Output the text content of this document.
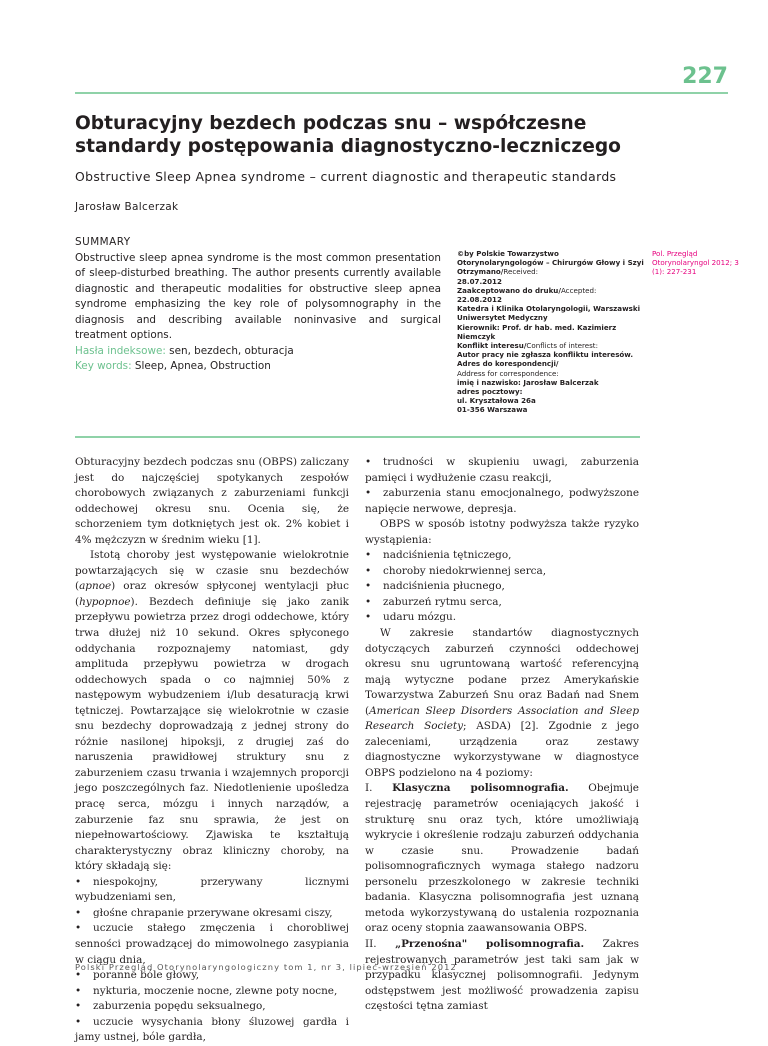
227
Obturacyjny bezdech podczas snu – współczesne standardy postępowania diagnostyczno-leczniczego
Obstructive Sleep Apnea syndrome – current diagnostic and therapeutic standards
Jarosław Balcerzak
SUMMARY
Obstructive sleep apnea syndrome is the most common presentation of sleep-disturbed breathing. The author presents currently available diagnostic and therapeutic modalities for obstructive sleep apnea syndrome emphasizing the key role of polysomnography in the diagnosis and describing available noninvasive and surgical treatment options.
Hasła indeksowe: sen, bezdech, obturacja
Key words: Sleep, Apnea, Obstruction
©by Polskie Towarzystwo Otorynolaryngologów – Chirurgów Głowy i Szyi
Otrzymano/Received:
28.07.2012
Zaakceptowano do druku/Accepted:
22.08.2012
Katedra i Klinika Otolaryngologii, Warszawski Uniwersytet Medyczny
Kierownik: Prof. dr hab. med. Kazimierz Niemczyk
Konflikt interesu/Conflicts of interest:
Autor pracy nie zgłasza konfliktu interesów.
Adres do korespondencji/
Address for correspondence:
imię i nazwisko: Jarosław Balcerzak
adres pocztowy:
ul. Kryształowa 26a
01-356 Warszawa
Pol. Przegląd Otorynolaryngol 2012; 3 (1): 227-231

Obturacyjny bezdech podczas snu (OBPS) zaliczany jest do najczęściej spotykanych zespołów chorobowych związanych z zaburzeniami funkcji oddechowej okresu snu. Ocenia się, że schorzeniem tym dotkniętych jest ok. 2% kobiet i 4% mężczyzn w średnim wieku [1].

Istotą choroby jest występowanie wielokrotnie powtarzających się w czasie snu bezdechów (apnoe) oraz okresów spłyconej wentylacji płuc (hypopnoe). Bezdech definiuje się jako zanik przepływu powietrza przez drogi oddechowe, który trwa dłużej niż 10 sekund. Okres spłyconego oddychania rozpoznajemy natomiast, gdy amplituda przepływu powietrza w drogach oddechowych spada o co najmniej 50% z następowym wybudzeniem i/lub desaturacją krwi tętniczej. Powtarzające się wielokrotnie w czasie snu bezdechy doprowadzają z jednej strony do różnie nasilonej hipoksji, z drugiej zaś do naruszenia prawidłowej struktury snu z zaburzeniem czasu trwania i wzajemnych proporcji jego poszczególnych faz. Niedotlenienie upośledza pracę serca, mózgu i innych narządów, a zaburzenie faz snu sprawia, że jest on niepełnowartościowy. Zjawiska te kształtują charakterystyczny obraz kliniczny choroby, na który składają się:

• niespokojny, przerywany licznymi wybudzeniami sen,

• głośne chrapanie przerywane okresami ciszy,

• uczucie stałego zmęczenia i chorobliwej senności prowadzącej do mimowolnego zasypiania w ciągu dnia,

• poranne bóle głowy,

• nykturia, moczenie nocne, zlewne poty nocne,

• zaburzenia popędu seksualnego,

• uczucie wysychania błony śluzowej gardła i jamy ustnej, bóle gardła,

• trudności w skupieniu uwagi, zaburzenia pamięci i wydłużenie czasu reakcji,

• zaburzenia stanu emocjonalnego, podwyższone napięcie nerwowe, depresja.

OBPS w sposób istotny podwyższa także ryzyko wystąpienia:

• nadciśnienia tętniczego,

• choroby niedokrwiennej serca,

• nadciśnienia płucnego,

• zaburzeń rytmu serca,

• udaru mózgu.

W zakresie standartów diagnostycznych dotyczących zaburzeń czynności oddechowej okresu snu ugruntowaną wartość referencyjną mają wytyczne podane przez Amerykańskie Towarzystwa Zaburzeń Snu oraz Badań nad Snem (American Sleep Disorders Association and Sleep Research Society; ASDA) [2]. Zgodnie z jego zaleceniami, urządzenia oraz zestawy diagnostyczne wykorzystywane w diagnostyce OBPS podzielono na 4 poziomy:

I. Klasyczna polisomnografia. Obejmuje rejestrację parametrów oceniających jakość i strukturę snu oraz tych, które umożliwiają wykrycie i określenie rodzaju zaburzeń oddychania w czasie snu. Prowadzenie badań polisomnograficznych wymaga stałego nadzoru personelu przeszkolonego w zakresie techniki badania. Klasyczna polisomnografia jest uznaną metoda wykorzystywaną do ustalenia rozpoznania oraz oceny stopnia zaawansowania OBPS.

II. „Przenośna" polisomnografia. Zakres rejestrowanych parametrów jest taki sam jak w przypadku klasycznej polisomnografii. Jedynym odstępstwem jest możliwość prowadzenia zapisu częstości tętna zamiast

Polski Przegląd Otorynolaryngologiczny tom 1, nr 3, lipiec-wrzesień 2012
